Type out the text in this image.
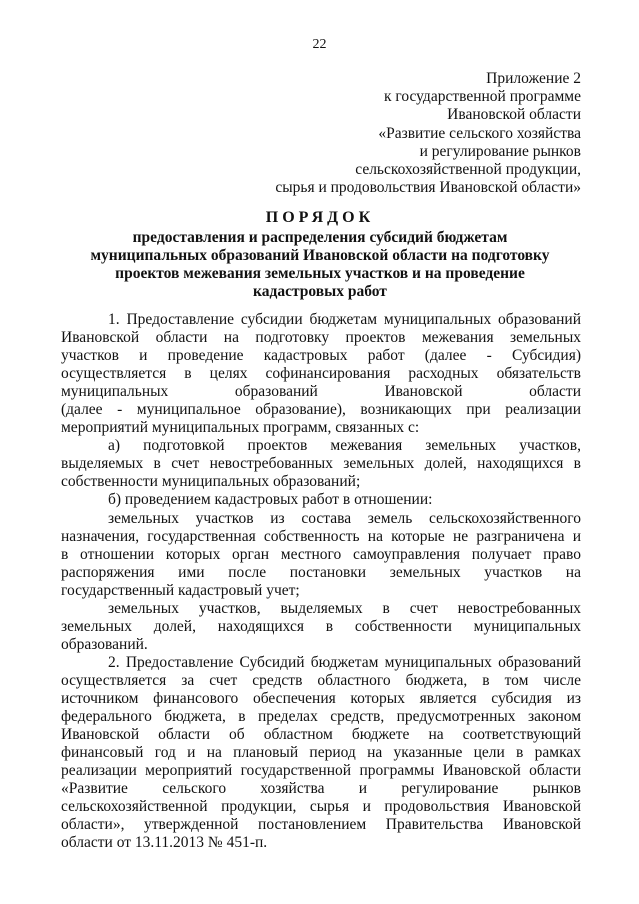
22
Приложение 2
к государственной программе
Ивановской области
«Развитие сельского хозяйства
и регулирование рынков
сельскохозяйственной продукции,
сырья и продовольствия Ивановской области»
ПОРЯДОК
предоставления и распределения субсидий бюджетам
муниципальных образований Ивановской области на подготовку
проектов межевания земельных участков и на проведение
кадастровых работ
1. Предоставление субсидии бюджетам муниципальных образований
Ивановской области на подготовку проектов межевания земельных
участков и проведение кадастровых работ (далее - Субсидия)
осуществляется в целях софинансирования расходных обязательств
муниципальных образований Ивановской области
(далее - муниципальное образование), возникающих при реализации
мероприятий муниципальных программ, связанных с:
а) подготовкой проектов межевания земельных участков,
выделяемых в счет невостребованных земельных долей, находящихся в
собственности муниципальных образований;
б) проведением кадастровых работ в отношении:
земельных участков из состава земель сельскохозяйственного
назначения, государственная собственность на которые не разграничена и
в отношении которых орган местного самоуправления получает право
распоряжения ими после постановки земельных участков на
государственный кадастровый учет;
земельных участков, выделяемых в счет невостребованных
земельных долей, находящихся в собственности муниципальных
образований.
2. Предоставление Субсидий бюджетам муниципальных образований
осуществляется за счет средств областного бюджета, в том числе
источником финансового обеспечения которых является субсидия из
федерального бюджета, в пределах средств, предусмотренных законом
Ивановской области об областном бюджете на соответствующий
финансовый год и на плановый период на указанные цели в рамках
реализации мероприятий государственной программы Ивановской области
«Развитие сельского хозяйства и регулирование рынков
сельскохозяйственной продукции, сырья и продовольствия Ивановской
области», утвержденной постановлением Правительства Ивановской
области от 13.11.2013 № 451-п.
